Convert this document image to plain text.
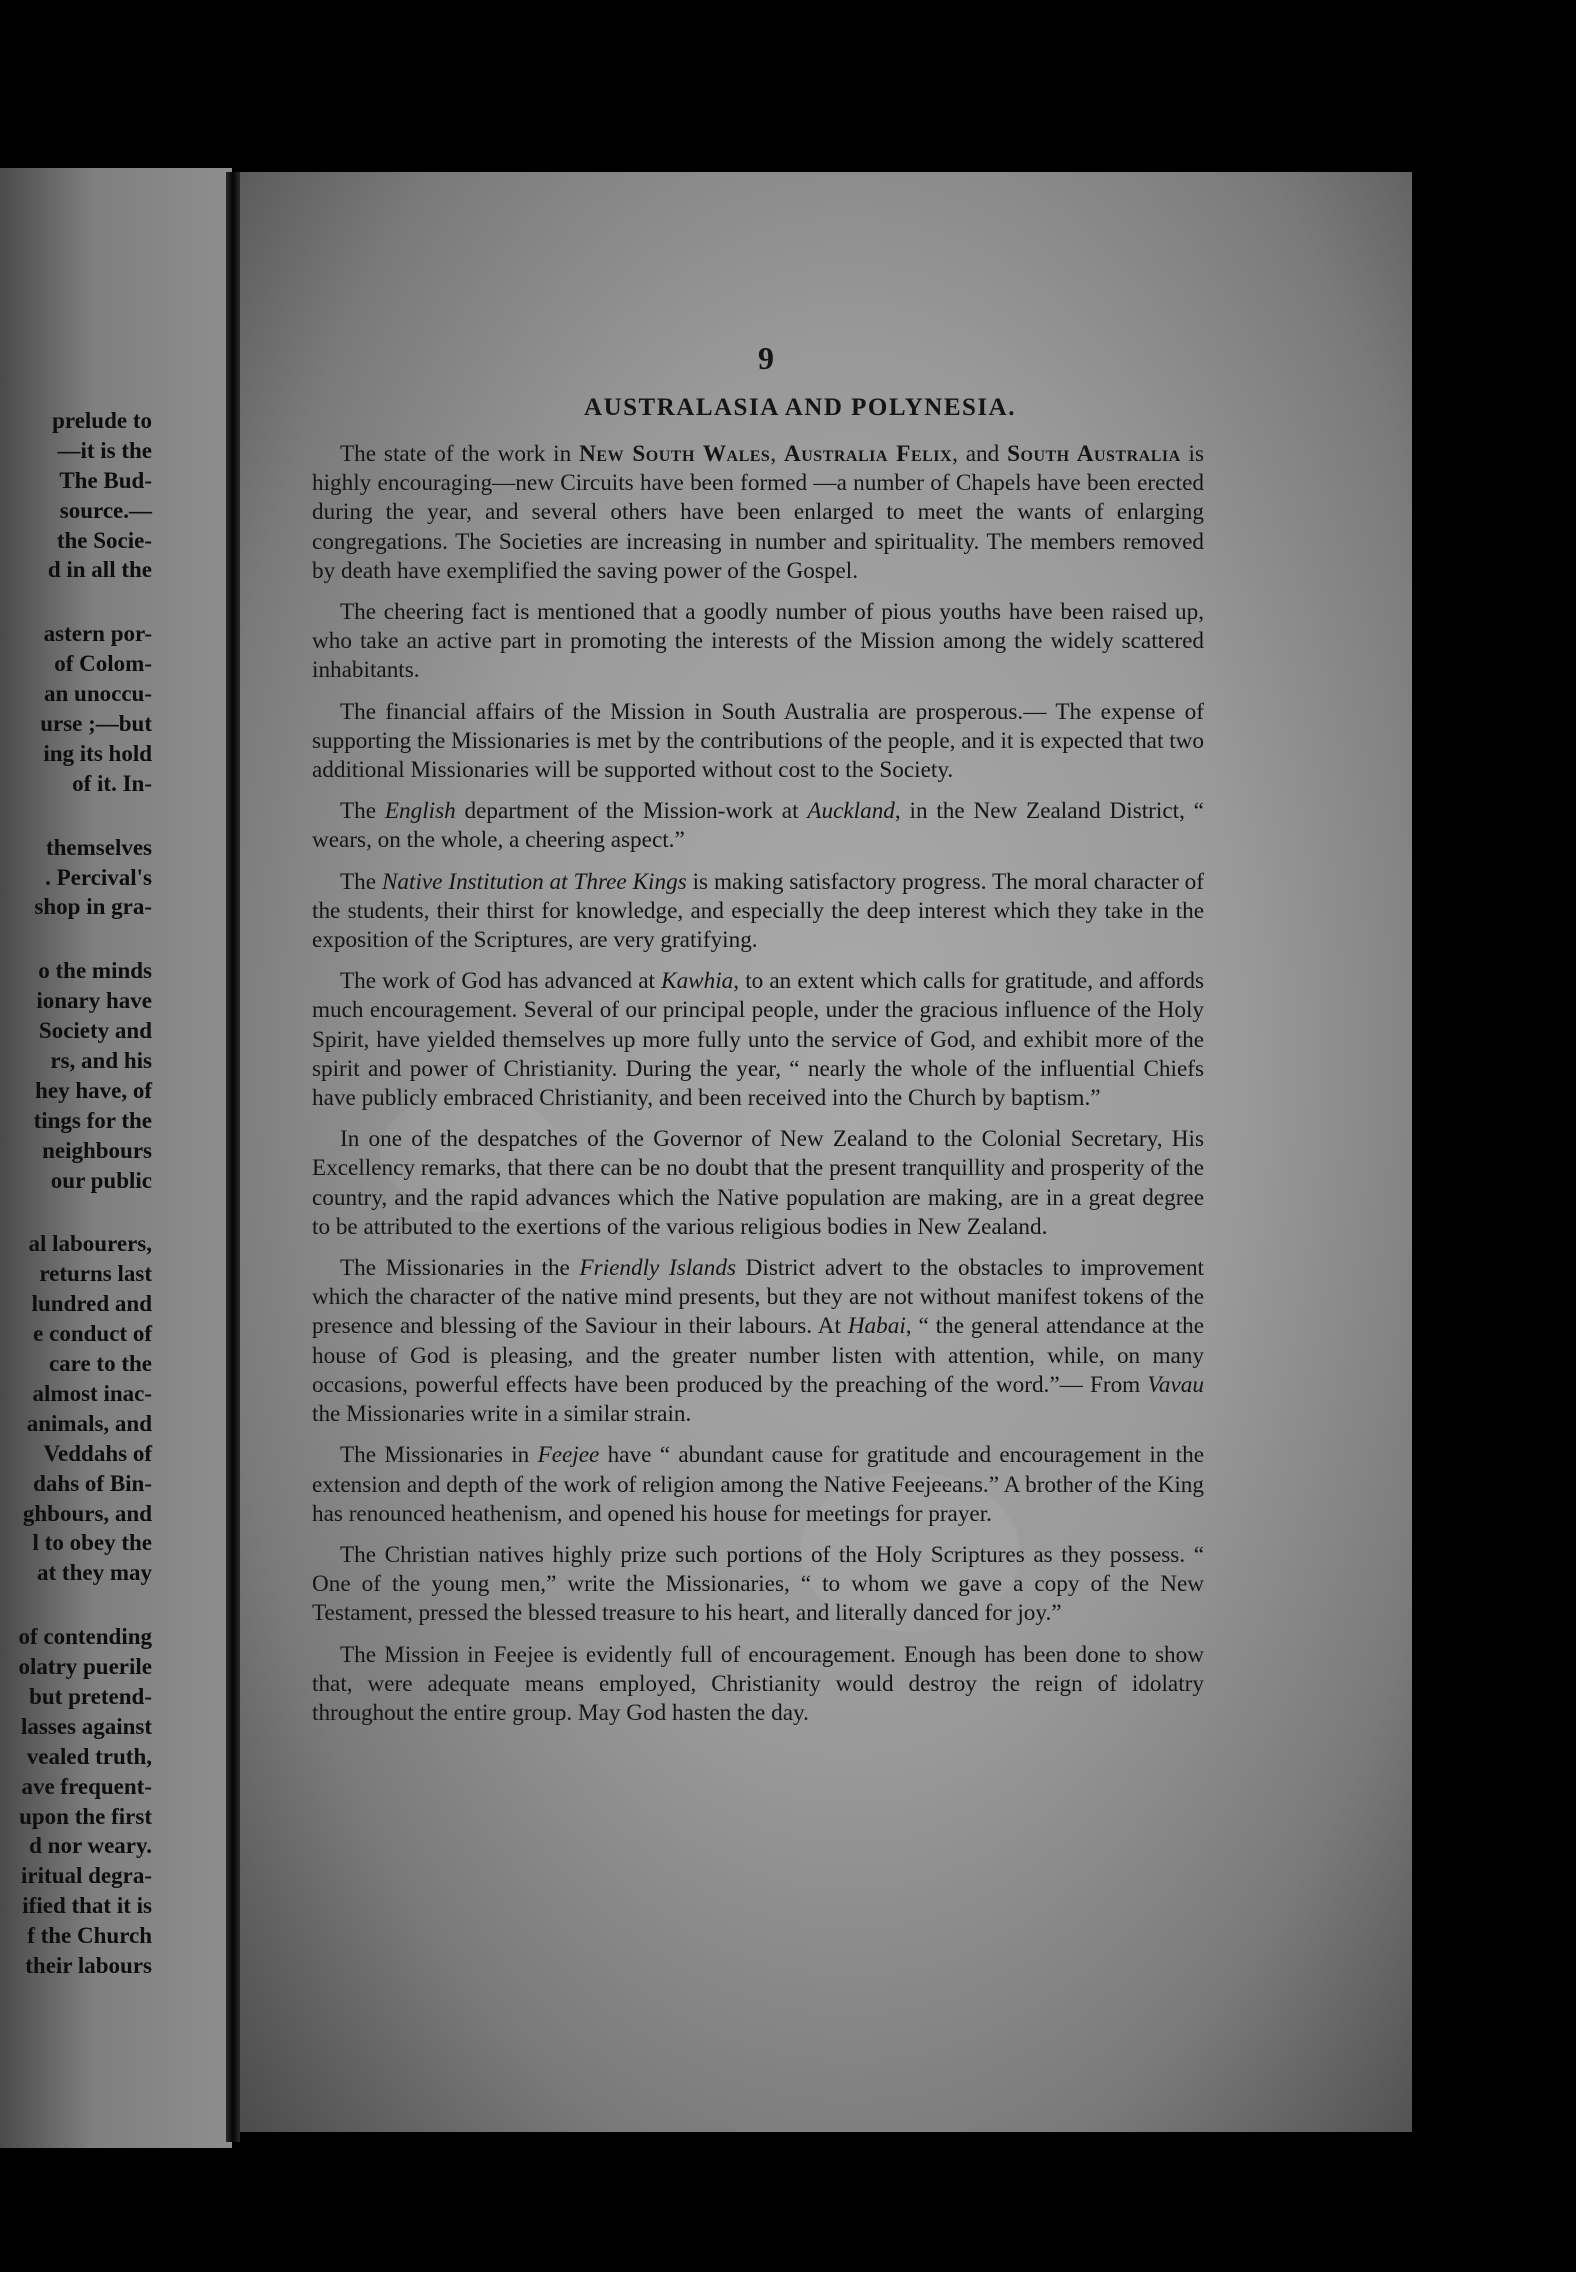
prelude to
—it is the
The Bud-
source.—
the Socie-
d in all the
astern por-
of Colom-
an unoccu-
urse ;—but
ing its hold
of it. In-
themselves
. Percival's
shop in gra-
o the minds
ionary have
Society and
rs, and his
hey have, of
tings for the
neighbours
our public
al labourers,
returns last
lundred and
e conduct of
care to the
almost inac-
animals, and
Veddahs of
dahs of Bin-
ghbours, and
l to obey the
at they may
of contending
olatry puerile
but pretend-
lasses against
vealed truth,
ave frequent-
upon the first
d nor weary.
iritual degra-
ified that it is
f the Church
their labours
9
AUSTRALASIA AND POLYNESIA.

The state of the work in New South Wales, Australia Felix, and South Australia is highly encouraging—new Circuits have been formed —a number of Chapels have been erected during the year, and several others have been enlarged to meet the wants of enlarging congregations. The Societies are increasing in number and spirituality. The members removed by death have exemplified the saving power of the Gospel.

The cheering fact is mentioned that a goodly number of pious youths have been raised up, who take an active part in promoting the interests of the Mission among the widely scattered inhabitants.

The financial affairs of the Mission in South Australia are prosperous.— The expense of supporting the Missionaries is met by the contributions of the people, and it is expected that two additional Missionaries will be supported without cost to the Society.

The English department of the Mission-work at Auckland, in the New Zealand District, “ wears, on the whole, a cheering aspect.”

The Native Institution at Three Kings is making satisfactory progress. The moral character of the students, their thirst for knowledge, and especially the deep interest which they take in the exposition of the Scriptures, are very gratifying.

The work of God has advanced at Kawhia, to an extent which calls for gratitude, and affords much encouragement. Several of our principal people, under the gracious influence of the Holy Spirit, have yielded themselves up more fully unto the service of God, and exhibit more of the spirit and power of Christianity. During the year, “ nearly the whole of the influential Chiefs have publicly embraced Christianity, and been received into the Church by baptism.”

In one of the despatches of the Governor of New Zealand to the Colonial Secretary, His Excellency remarks, that there can be no doubt that the present tranquillity and prosperity of the country, and the rapid advances which the Native population are making, are in a great degree to be attributed to the exertions of the various religious bodies in New Zealand.

The Missionaries in the Friendly Islands District advert to the obstacles to improvement which the character of the native mind presents, but they are not without manifest tokens of the presence and blessing of the Saviour in their labours. At Habai, “ the general attendance at the house of God is pleasing, and the greater number listen with attention, while, on many occasions, powerful effects have been produced by the preaching of the word.”— From Vavau the Missionaries write in a similar strain.

The Missionaries in Feejee have “ abundant cause for gratitude and encouragement in the extension and depth of the work of religion among the Native Feejeeans.” A brother of the King has renounced heathenism, and opened his house for meetings for prayer.

The Christian natives highly prize such portions of the Holy Scriptures as they possess. “ One of the young men,” write the Missionaries, “ to whom we gave a copy of the New Testament, pressed the blessed treasure to his heart, and literally danced for joy.”

The Mission in Feejee is evidently full of encouragement. Enough has been done to show that, were adequate means employed, Christianity would destroy the reign of idolatry throughout the entire group. May God hasten the day.
